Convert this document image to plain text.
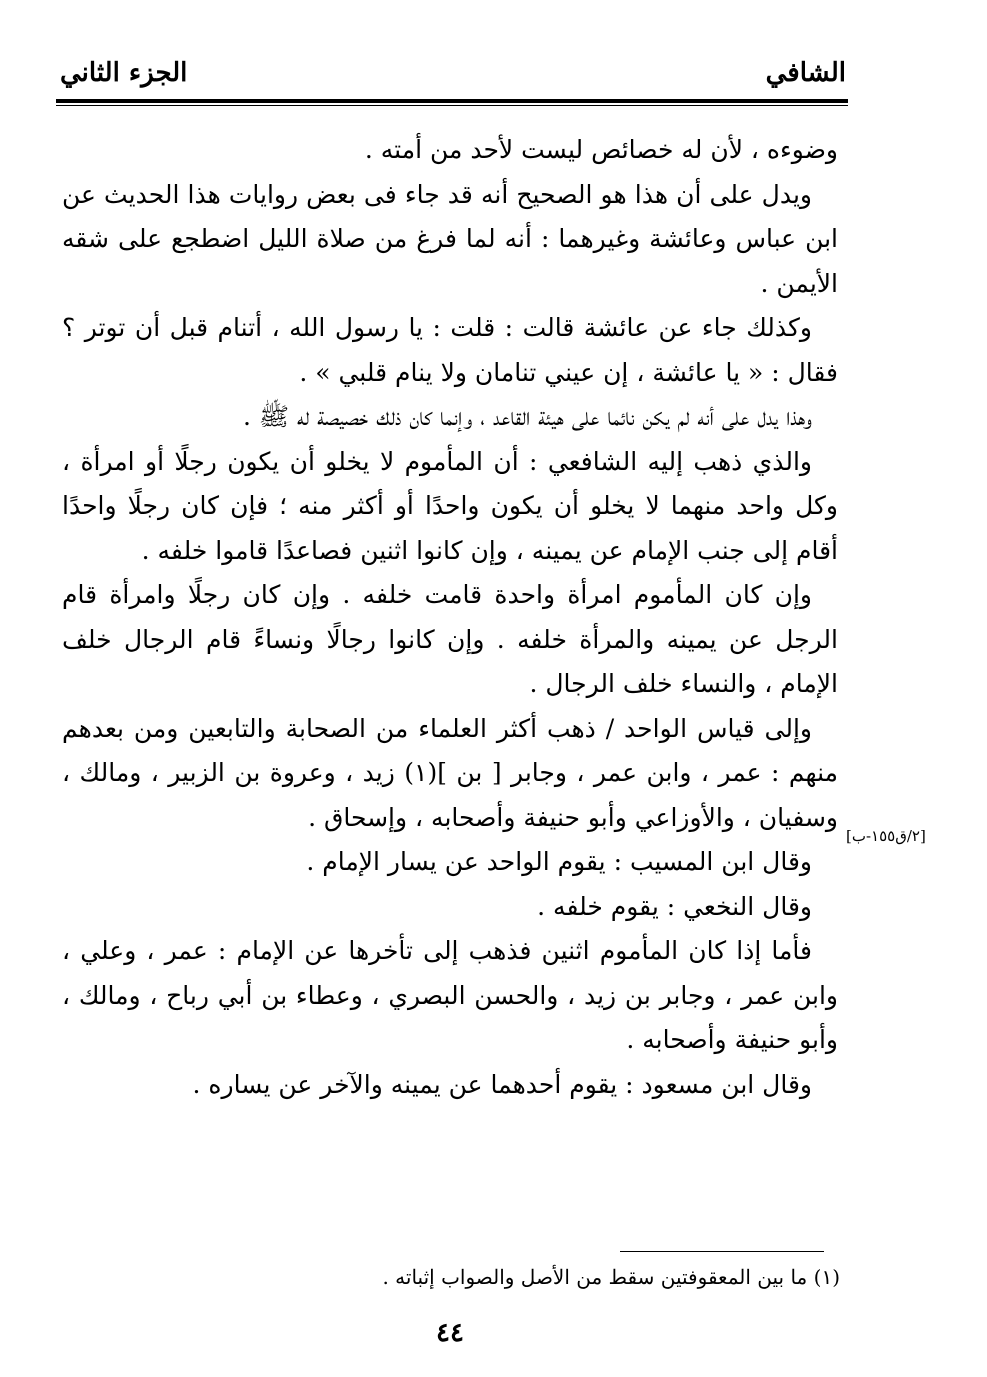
الشافي
الجزء الثاني

وضوءه ، لأن له خصائص ليست لأحد من أمته .

ويدل على أن هذا هو الصحيح أنه قد جاء فى بعض روايات هذا الحديث عن ابن عباس وعائشة وغيرهما : أنه لما فرغ من صلاة الليل اضطجع على شقه الأيمن .

وكذلك جاء عن عائشة قالت : قلت : يا رسول الله ، أتنام قبل أن توتر ؟ فقال : « يا عائشة ، إن عيني تنامان ولا ينام قلبي » .

وهذا يدل على أنه لم يكن نائما على هيئة القاعد ، وإنما كان ذلك خصيصة له ﷺ .

والذي ذهب إليه الشافعي : أن المأموم لا يخلو أن يكون رجلًا أو امرأة ، وكل واحد منهما لا يخلو أن يكون واحدًا أو أكثر منه ؛ فإن كان رجلًا واحدًا أقام إلى جنب الإمام عن يمينه ، وإن كانوا اثنين فصاعدًا قاموا خلفه .

وإن كان المأموم امرأة واحدة قامت خلفه . وإن كان رجلًا وامرأة قام الرجل عن يمينه والمرأة خلفه . وإن كانوا رجالًا ونساءً قام الرجال خلف الإمام ، والنساء خلف الرجال .

وإلى قياس الواحد / ذهب أكثر العلماء من الصحابة والتابعين ومن بعدهم منهم : عمر ، وابن عمر ، وجابر [ بن ](١) زيد ، وعروة بن الزبير ، ومالك ، وسفيان ، والأوزاعي وأبو حنيفة وأصحابه ، وإسحاق .

وقال ابن المسيب : يقوم الواحد عن يسار الإمام .

وقال النخعي : يقوم خلفه .

فأما إذا كان المأموم اثنين فذهب إلى تأخرها عن الإمام : عمر ، وعلي ، وابن عمر ، وجابر بن زيد ، والحسن البصري ، وعطاء بن أبي رباح ، ومالك ، وأبو حنيفة وأصحابه .

وقال ابن مسعود : يقوم أحدهما عن يمينه والآخر عن يساره .

[٢/ق١٥٥-ب]
(١) ما بين المعقوفتين سقط من الأصل والصواب إثباته .
٤٤
